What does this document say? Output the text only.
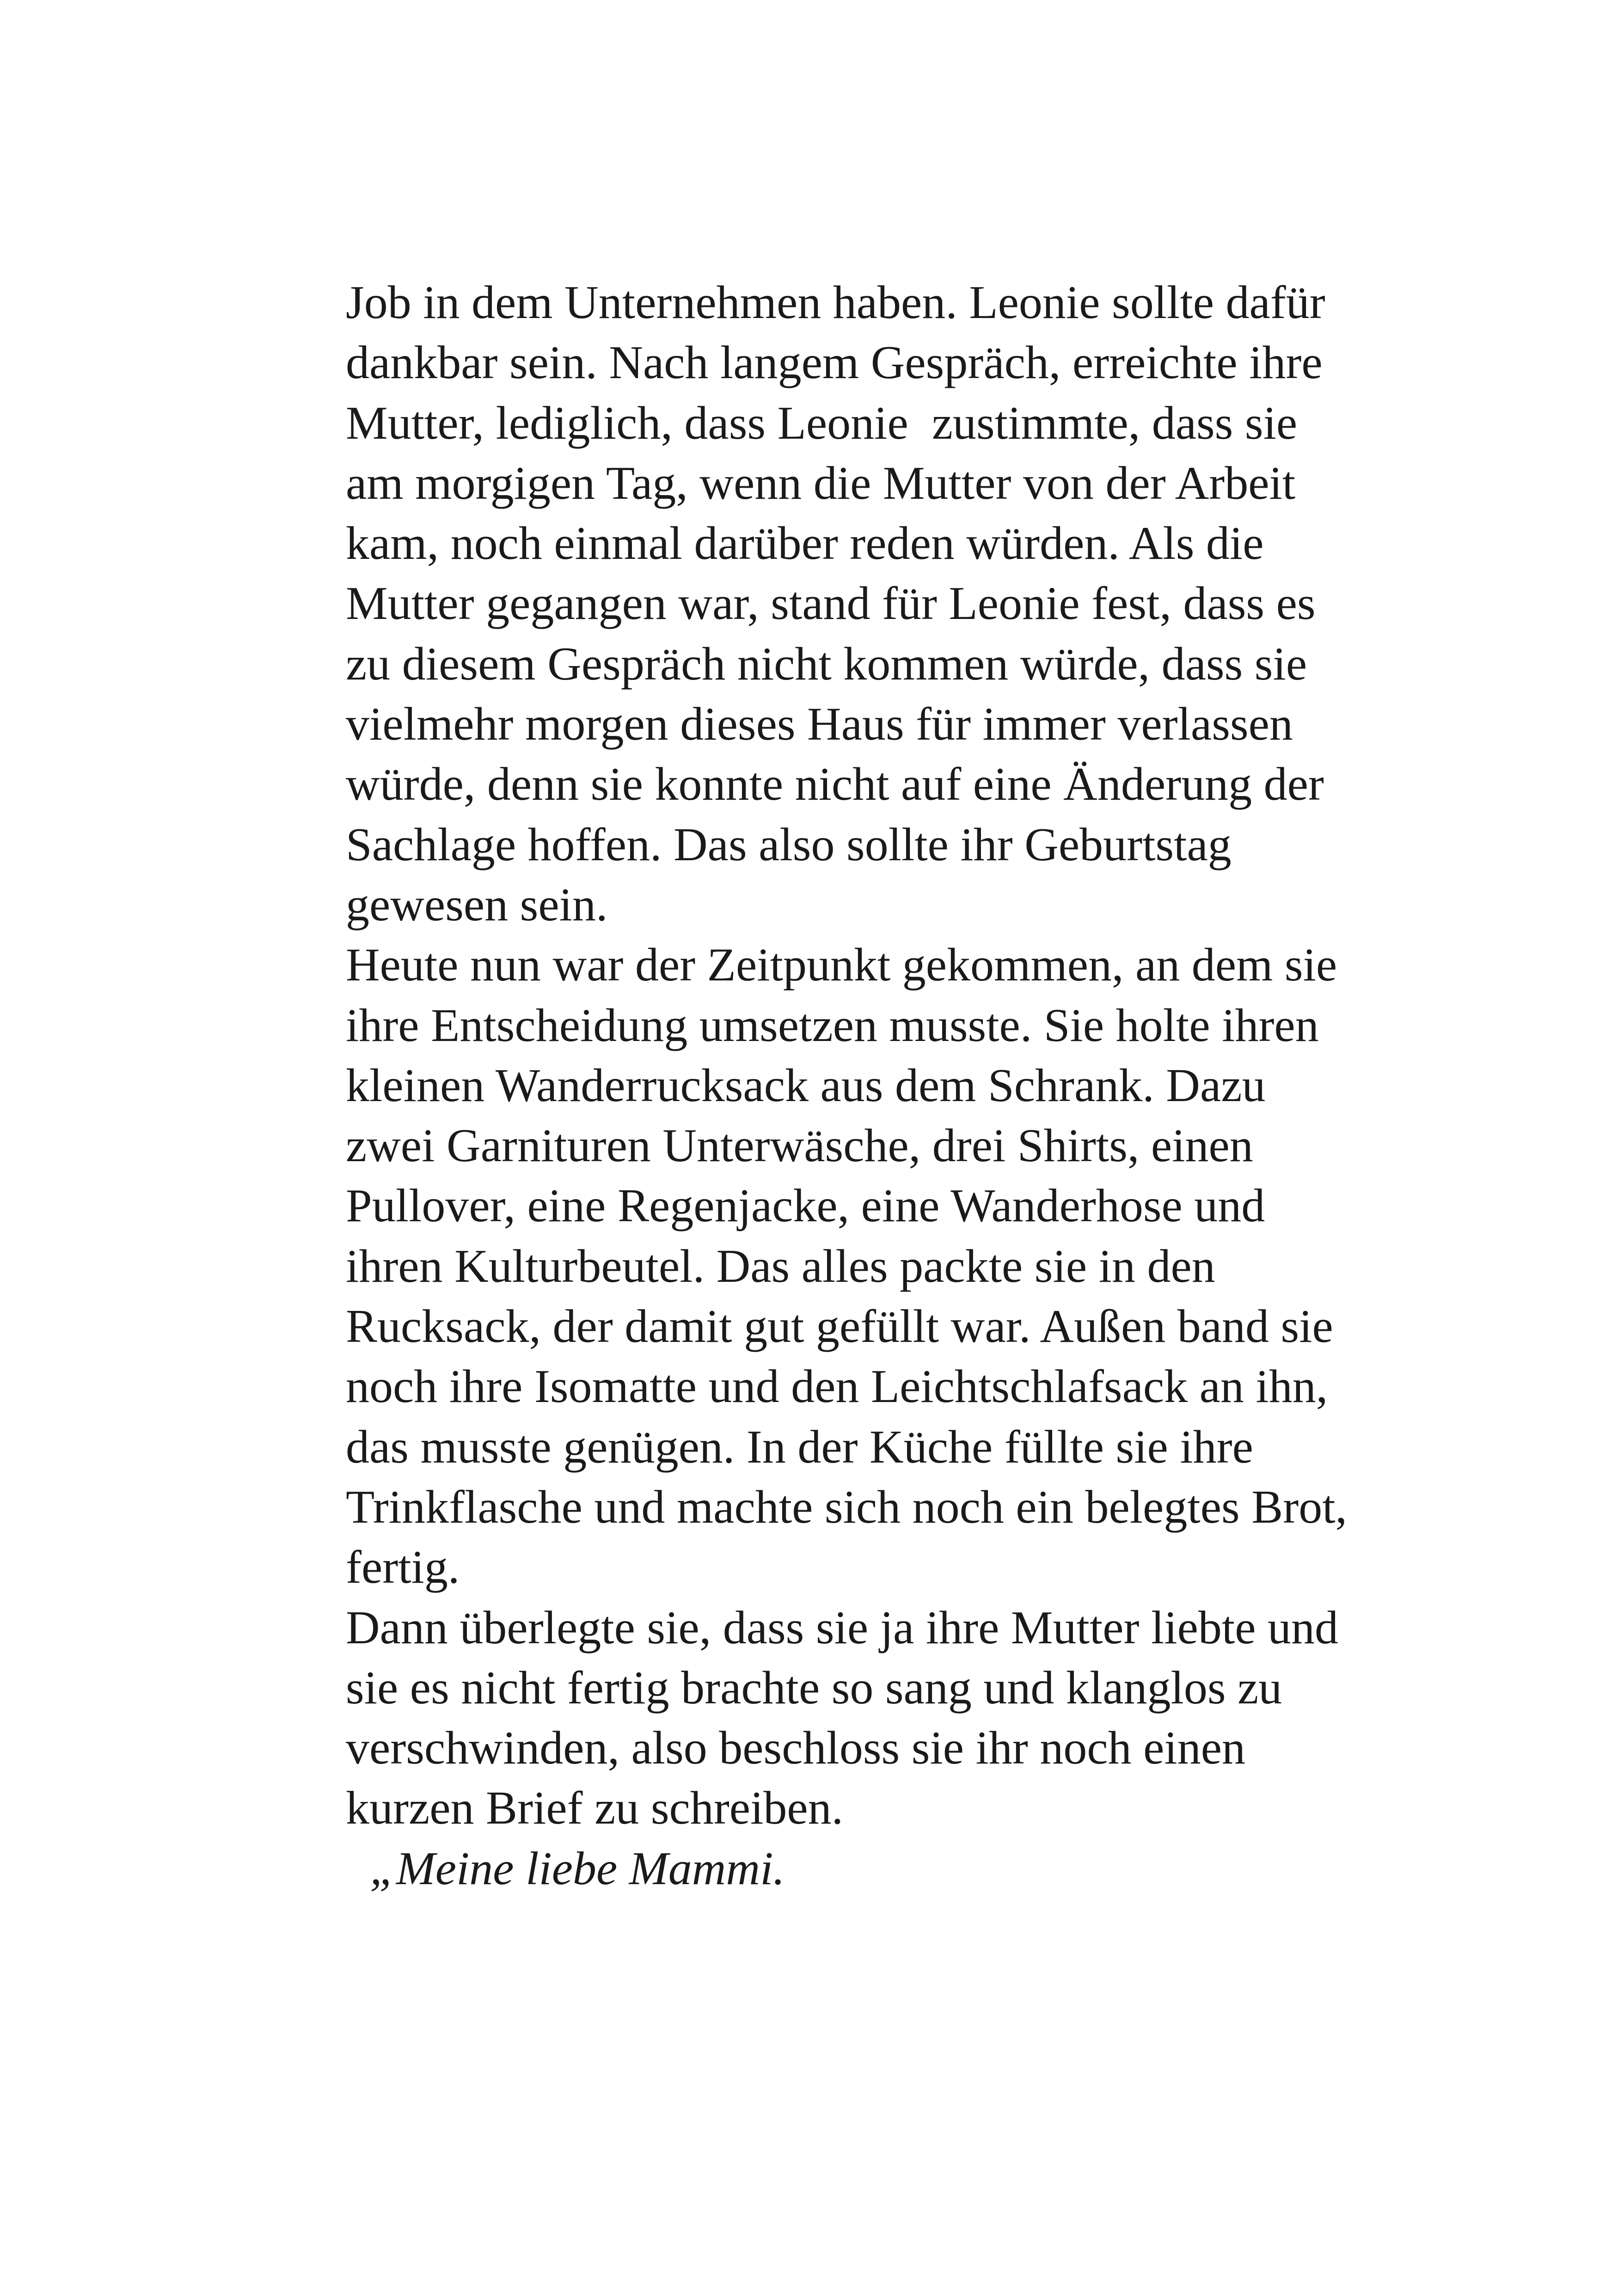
Job in dem Unternehmen haben. Leonie sollte dafür
dankbar sein. Nach langem Gespräch, erreichte ihre
Mutter, lediglich, dass Leonie  zustimmte, dass sie
am morgigen Tag, wenn die Mutter von der Arbeit
kam, noch einmal darüber reden würden. Als die
Mutter gegangen war, stand für Leonie fest, dass es
zu diesem Gespräch nicht kommen würde, dass sie
vielmehr morgen dieses Haus für immer verlassen
würde, denn sie konnte nicht auf eine Änderung der
Sachlage hoffen. Das also sollte ihr Geburtstag
gewesen sein.
Heute nun war der Zeitpunkt gekommen, an dem sie
ihre Entscheidung umsetzen musste. Sie holte ihren
kleinen Wanderrucksack aus dem Schrank. Dazu
zwei Garnituren Unterwäsche, drei Shirts, einen
Pullover, eine Regenjacke, eine Wanderhose und
ihren Kulturbeutel. Das alles packte sie in den
Rucksack, der damit gut gefüllt war. Außen band sie
noch ihre Isomatte und den Leichtschlafsack an ihn,
das musste genügen. In der Küche füllte sie ihre
Trinkflasche und machte sich noch ein belegtes Brot,
fertig.
Dann überlegte sie, dass sie ja ihre Mutter liebte und
sie es nicht fertig brachte so sang und klanglos zu
verschwinden, also beschloss sie ihr noch einen
kurzen Brief zu schreiben.
„Meine liebe Mammi.
